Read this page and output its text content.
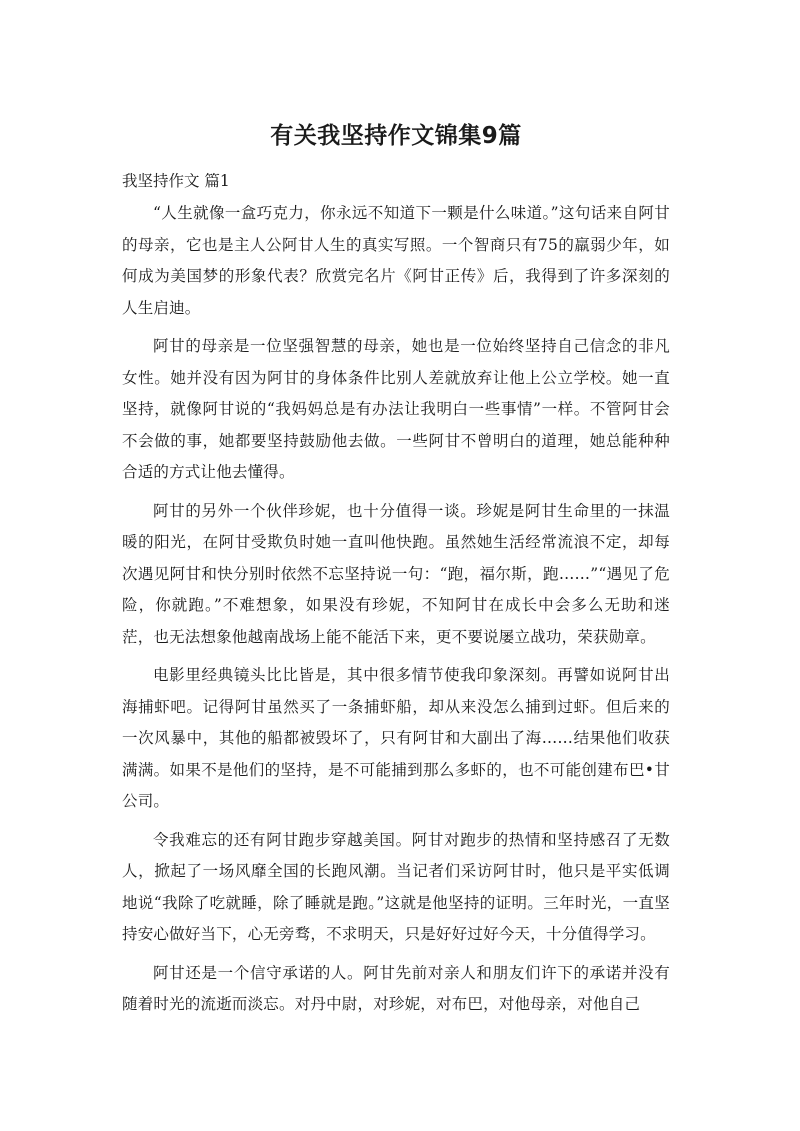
有关我坚持作文锦集9篇
我坚持作文 篇1

“人生就像一盒巧克力，你永远不知道下一颗是什么味道。”这句话来自阿甘的母亲，它也是主人公阿甘人生的真实写照。一个智商只有75的羸弱少年，如何成为美国梦的形象代表？欣赏完名片《阿甘正传》后，我得到了许多深刻的人生启迪。

阿甘的母亲是一位坚强智慧的母亲，她也是一位始终坚持自己信念的非凡女性。她并没有因为阿甘的身体条件比别人差就放弃让他上公立学校。她一直坚持，就像阿甘说的“我妈妈总是有办法让我明白一些事情”一样。不管阿甘会不会做的事，她都要坚持鼓励他去做。一些阿甘不曾明白的道理，她总能种种合适的方式让他去懂得。

阿甘的另外一个伙伴珍妮，也十分值得一谈。珍妮是阿甘生命里的一抹温暖的阳光，在阿甘受欺负时她一直叫他快跑。虽然她生活经常流浪不定，却每次遇见阿甘和快分别时依然不忘坚持说一句：“跑，福尔斯，跑……”“遇见了危险，你就跑。”不难想象，如果没有珍妮，不知阿甘在成长中会多么无助和迷茫，也无法想象他越南战场上能不能活下来，更不要说屡立战功，荣获勋章。

电影里经典镜头比比皆是，其中很多情节使我印象深刻。再譬如说阿甘出海捕虾吧。记得阿甘虽然买了一条捕虾船，却从来没怎么捕到过虾。但后来的一次风暴中，其他的船都被毁坏了，只有阿甘和大副出了海……结果他们收获满满。如果不是他们的坚持，是不可能捕到那么多虾的，也不可能创建布巴•甘公司。

令我难忘的还有阿甘跑步穿越美国。阿甘对跑步的热情和坚持感召了无数人，掀起了一场风靡全国的长跑风潮。当记者们采访阿甘时，他只是平实低调地说“我除了吃就睡，除了睡就是跑。”这就是他坚持的证明。三年时光，一直坚持安心做好当下，心无旁骛，不求明天，只是好好过好今天，十分值得学习。

阿甘还是一个信守承诺的人。阿甘先前对亲人和朋友们许下的承诺并没有随着时光的流逝而淡忘。对丹中尉，对珍妮，对布巴，对他母亲，对他自己
